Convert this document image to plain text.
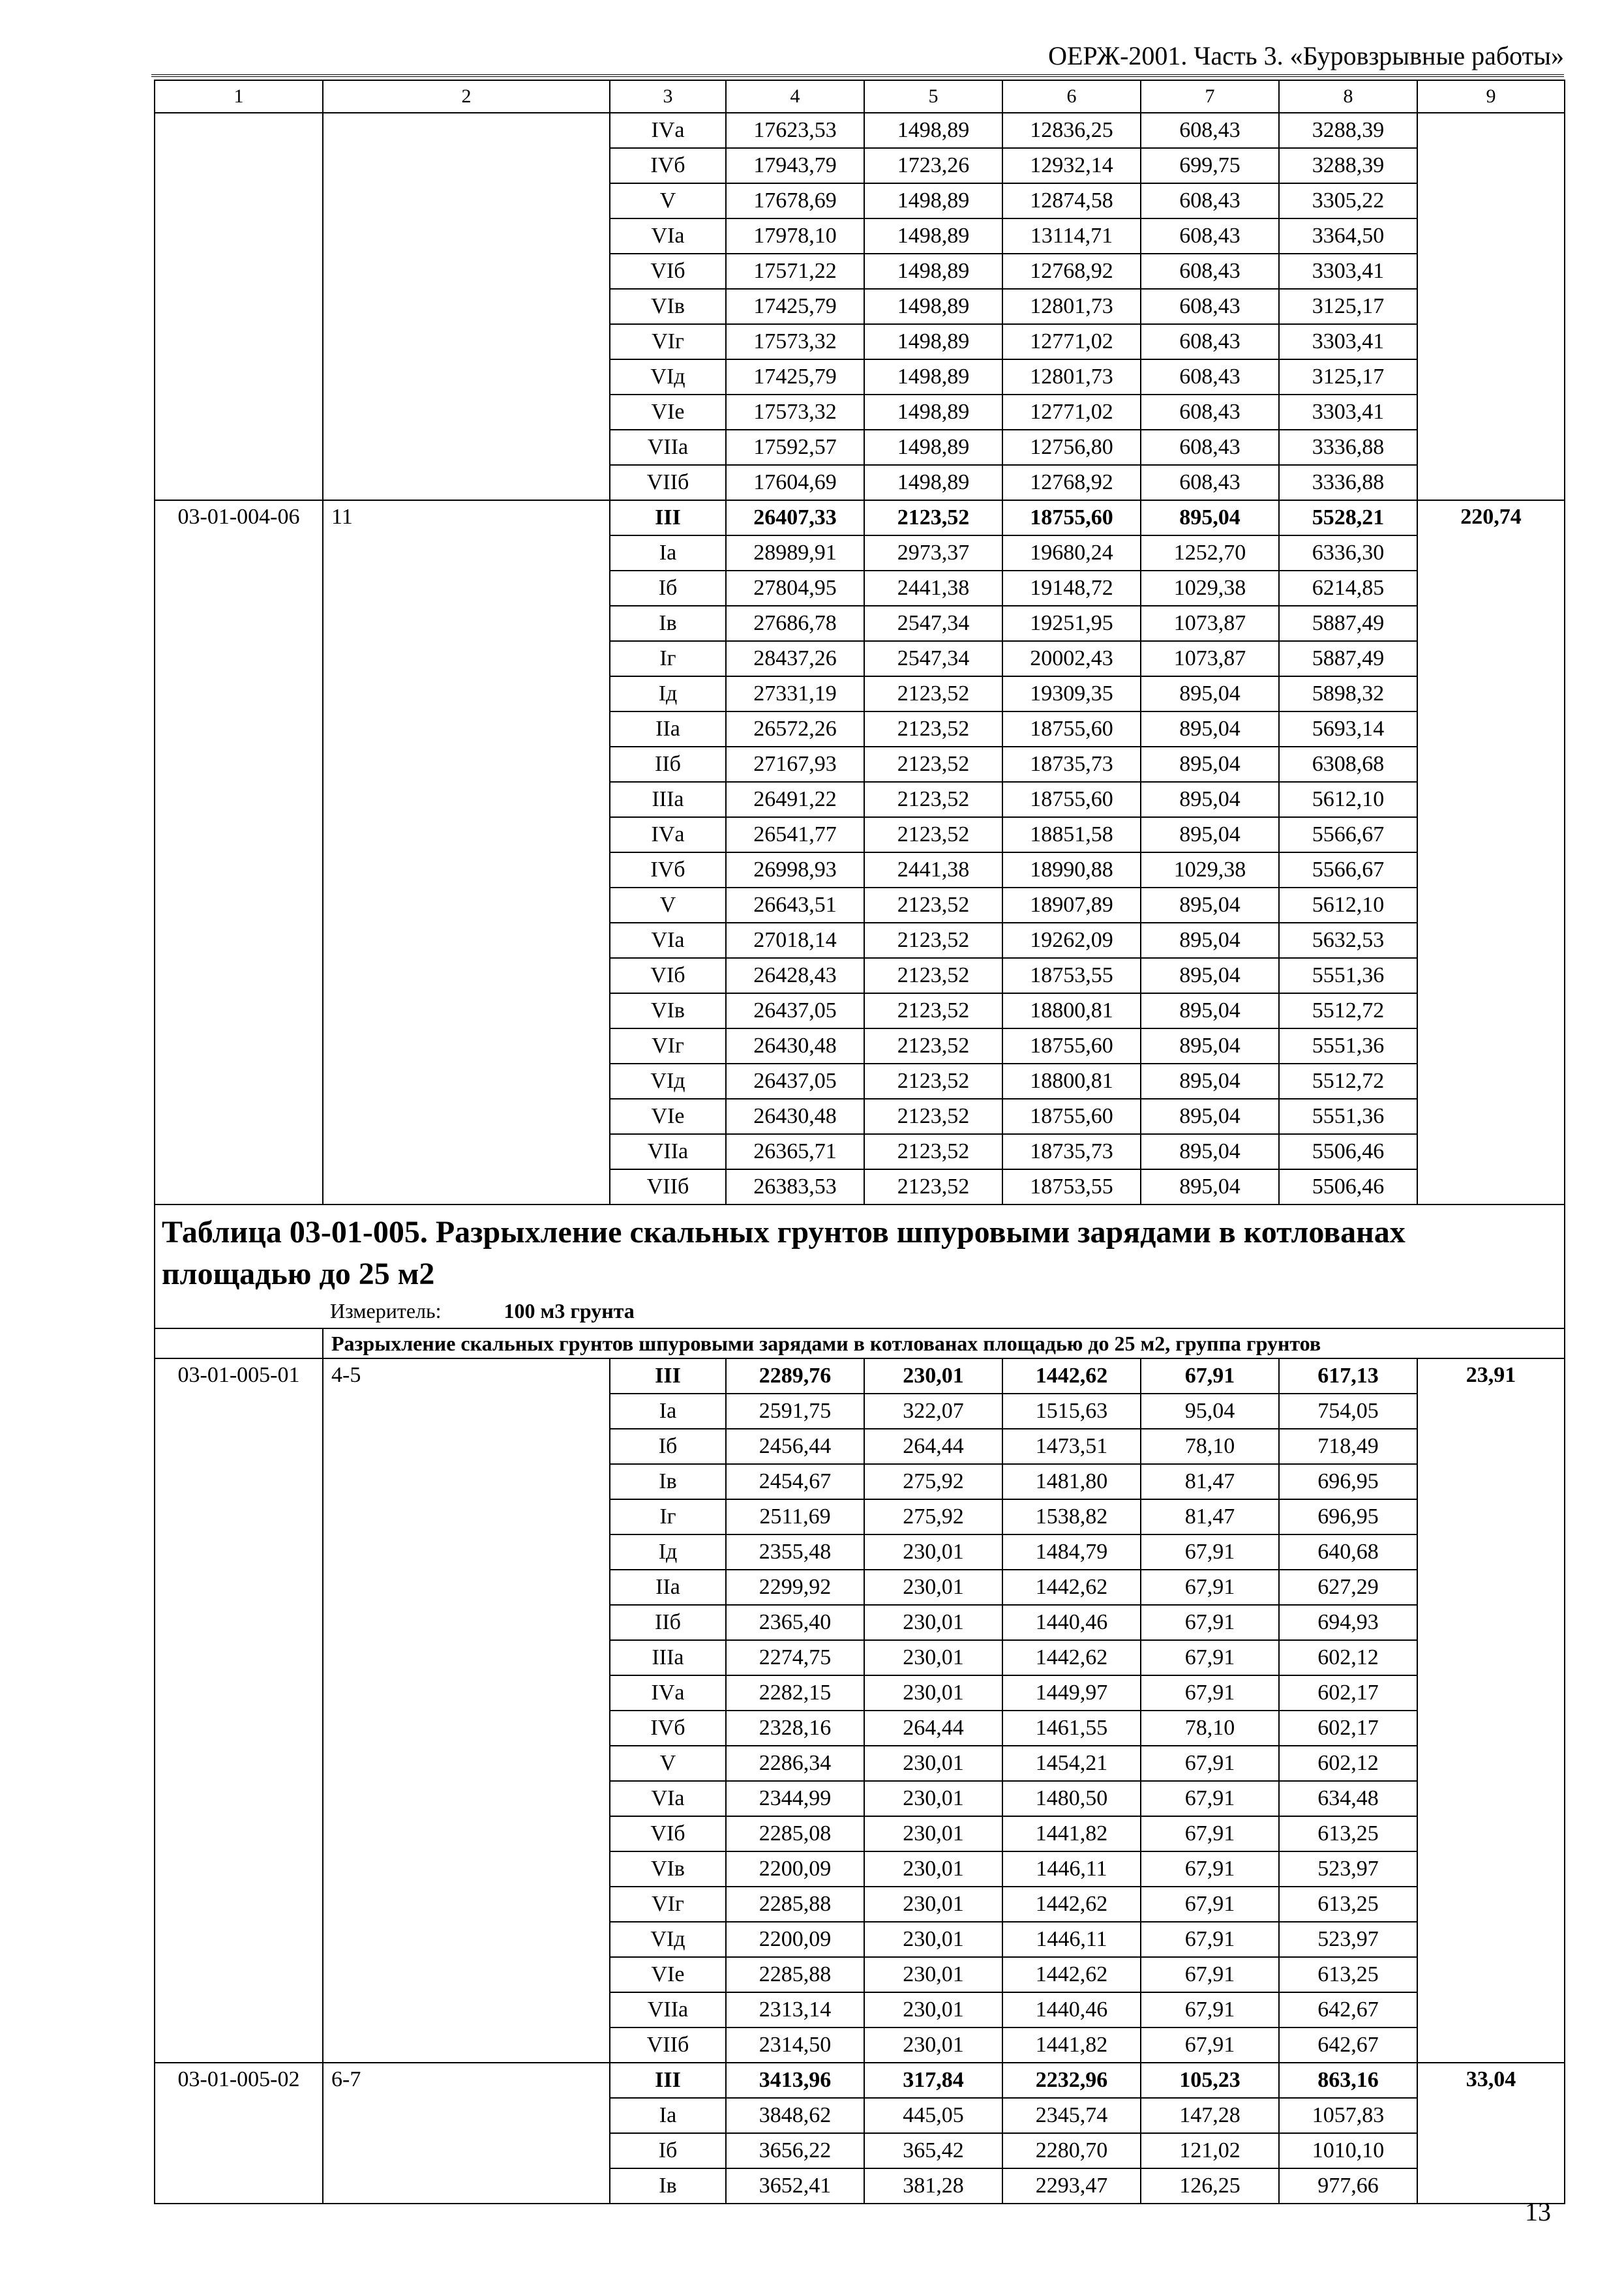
ОЕРЖ-2001. Часть 3. «Буровзрывные работы»
1	2	3	4	5	6	7	8	9
		IVа	17623,53	1498,89	12836,25	608,43	3288,39	
		IVб	17943,79	1723,26	12932,14	699,75	3288,39	
		V	17678,69	1498,89	12874,58	608,43	3305,22	
		VIа	17978,10	1498,89	13114,71	608,43	3364,50	
		VIб	17571,22	1498,89	12768,92	608,43	3303,41	
		VIв	17425,79	1498,89	12801,73	608,43	3125,17	
		VIг	17573,32	1498,89	12771,02	608,43	3303,41	
		VIд	17425,79	1498,89	12801,73	608,43	3125,17	
		VIе	17573,32	1498,89	12771,02	608,43	3303,41	
		VIIа	17592,57	1498,89	12756,80	608,43	3336,88	
		VIIб	17604,69	1498,89	12768,92	608,43	3336,88	
03-01-004-06	11	III	26407,33	2123,52	18755,60	895,04	5528,21	220,74
		Iа	28989,91	2973,37	19680,24	1252,70	6336,30	
		Iб	27804,95	2441,38	19148,72	1029,38	6214,85	
		Iв	27686,78	2547,34	19251,95	1073,87	5887,49	
		Iг	28437,26	2547,34	20002,43	1073,87	5887,49	
		Iд	27331,19	2123,52	19309,35	895,04	5898,32	
		IIа	26572,26	2123,52	18755,60	895,04	5693,14	
		IIб	27167,93	2123,52	18735,73	895,04	6308,68	
		IIIа	26491,22	2123,52	18755,60	895,04	5612,10	
		IVа	26541,77	2123,52	18851,58	895,04	5566,67	
		IVб	26998,93	2441,38	18990,88	1029,38	5566,67	
		V	26643,51	2123,52	18907,89	895,04	5612,10	
		VIа	27018,14	2123,52	19262,09	895,04	5632,53	
		VIб	26428,43	2123,52	18753,55	895,04	5551,36	
		VIв	26437,05	2123,52	18800,81	895,04	5512,72	
		VIг	26430,48	2123,52	18755,60	895,04	5551,36	
		VIд	26437,05	2123,52	18800,81	895,04	5512,72	
		VIе	26430,48	2123,52	18755,60	895,04	5551,36	
		VIIа	26365,71	2123,52	18735,73	895,04	5506,46	
		VIIб	26383,53	2123,52	18753,55	895,04	5506,46	

Таблица 03-01-005. Разрыхление скальных грунтов шпуровыми зарядами в котлованах площадью до 25 м2
Измеритель: 100 м3 грунта								

	Разрыхление скальных грунтов шпуровыми зарядами в котлованах площадью до 25 м2, группа грунтов							
03-01-005-01	4-5	III	2289,76	230,01	1442,62	67,91	617,13	23,91
		Iа	2591,75	322,07	1515,63	95,04	754,05	
		Iб	2456,44	264,44	1473,51	78,10	718,49	
		Iв	2454,67	275,92	1481,80	81,47	696,95	
		Iг	2511,69	275,92	1538,82	81,47	696,95	
		Iд	2355,48	230,01	1484,79	67,91	640,68	
		IIа	2299,92	230,01	1442,62	67,91	627,29	
		IIб	2365,40	230,01	1440,46	67,91	694,93	
		IIIа	2274,75	230,01	1442,62	67,91	602,12	
		IVа	2282,15	230,01	1449,97	67,91	602,17	
		IVб	2328,16	264,44	1461,55	78,10	602,17	
		V	2286,34	230,01	1454,21	67,91	602,12	
		VIа	2344,99	230,01	1480,50	67,91	634,48	
		VIб	2285,08	230,01	1441,82	67,91	613,25	
		VIв	2200,09	230,01	1446,11	67,91	523,97	
		VIг	2285,88	230,01	1442,62	67,91	613,25	
		VIд	2200,09	230,01	1446,11	67,91	523,97	
		VIе	2285,88	230,01	1442,62	67,91	613,25	
		VIIа	2313,14	230,01	1440,46	67,91	642,67	
		VIIб	2314,50	230,01	1441,82	67,91	642,67	
03-01-005-02	6-7	III	3413,96	317,84	2232,96	105,23	863,16	33,04
		Iа	3848,62	445,05	2345,74	147,28	1057,83	
		Iб	3656,22	365,42	2280,70	121,02	1010,10	
		Iв	3652,41	381,28	2293,47	126,25	977,66	
13
